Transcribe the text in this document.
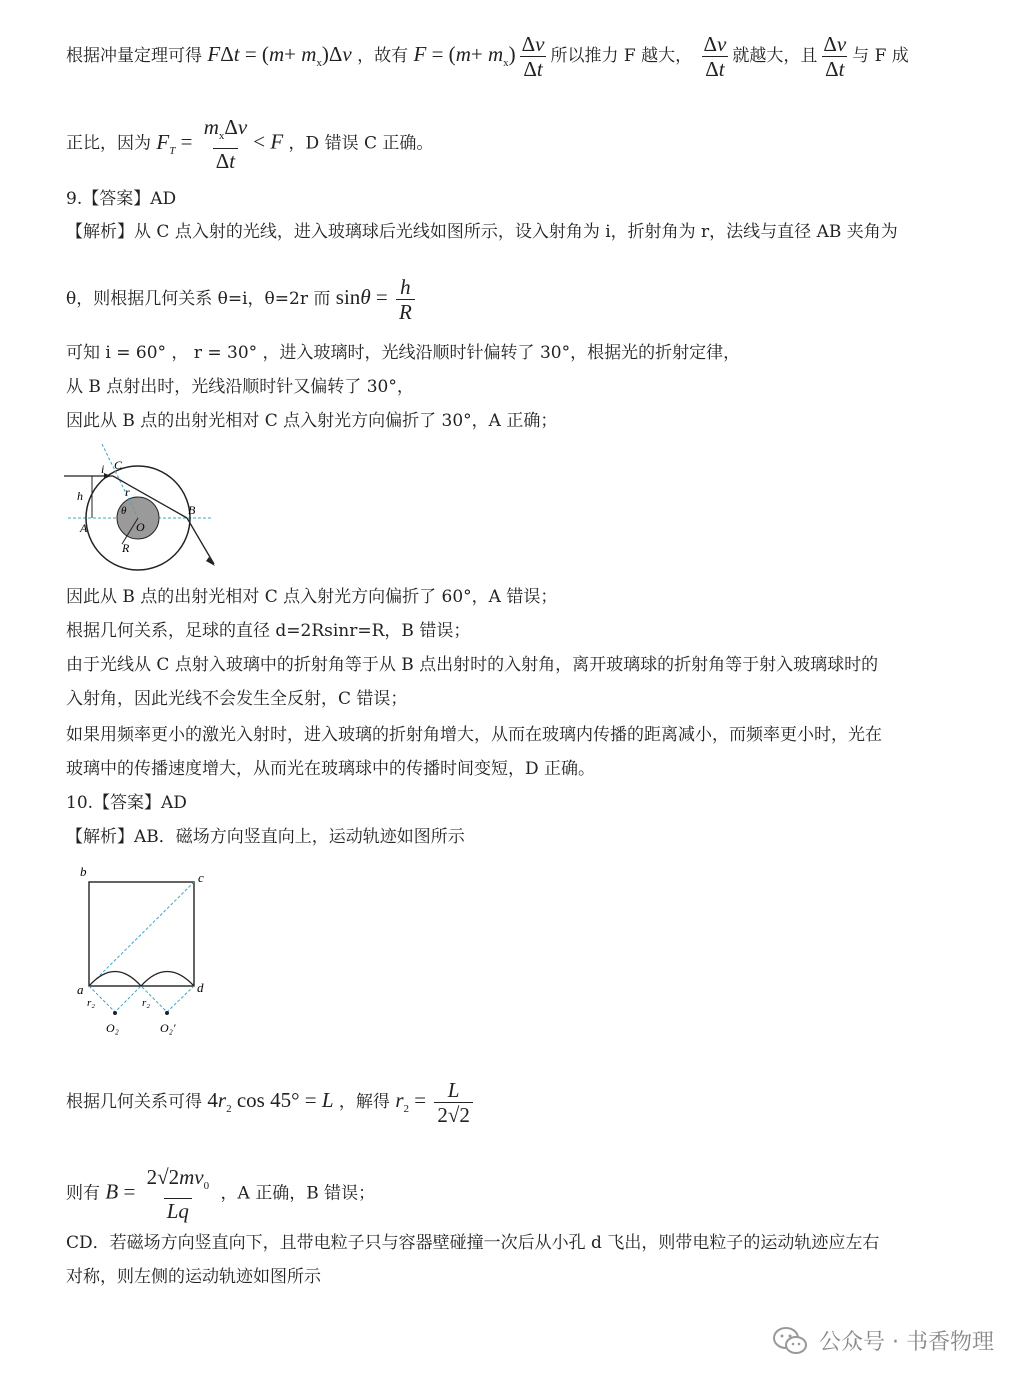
根据冲量定理可得 $F\Delta t = (m+ m_x)\Delta v$ ，故有 $F = (m+ m_x) \frac{\Delta v}{\Delta t}$ 所以推力 F 越大， $\frac{\Delta v}{\Delta t}$ 就越大，且 $\frac{\Delta v}{\Delta t}$ 与 F 成
正比，因为 $F_T = \frac{m_x\Delta v}{\Delta t} < F$ ，D 错误 C 正确。
9.【答案】AD
【解析】从 C 点入射的光线，进入玻璃球后光线如图所示，设入射角为 i，折射角为 r，法线与直径 AB 夹角为
θ，则根据几何关系 θ=i，θ=2r 而 $\sin\theta = \frac{h}{R}$
可知 i = 60° ， r = 30° ，进入玻璃时，光线沿顺时针偏转了 30°，根据光的折射定律，
从 B 点射出时，光线沿顺时针又偏转了 30°，
因此从 B 点的出射光相对 C 点入射光方向偏折了 30°，A 正确；
i C
r
h
θ
A	O
B
R
因此从 B 点的出射光相对 C 点入射光方向偏折了 60°，A 错误；
根据几何关系，足球的直径 d=2Rsinr=R，B 错误；
由于光线从 C 点射入玻璃中的折射角等于从 B 点出射时的入射角，离开玻璃球的折射角等于射入玻璃球时的
入射角，因此光线不会发生全反射，C 错误；
如果用频率更小的激光入射时，进入玻璃的折射角增大，从而在玻璃内传播的距离减小，而频率更小时，光在
玻璃中的传播速度增大，从而光在玻璃球中的传播时间变短，D 正确。
10.【答案】AD
【解析】AB．磁场方向竖直向上，运动轨迹如图所示
b	c
a	d
r₂	r₂
O₂	O₂′
根据几何关系可得 $4r_2$ cos 45° = L ，解得 $r_2 = \frac{L}{2√2}$
则有 $B = \frac{2√2mv_0}{Lq}$ ，A 正确，B 错误；
CD．若磁场方向竖直向下，且带电粒子只与容器壁碰撞一次后从小孔 d 飞出，则带电粒子的运动轨迹应左右
对称，则左侧的运动轨迹如图所示
公众号 · 书香物理
